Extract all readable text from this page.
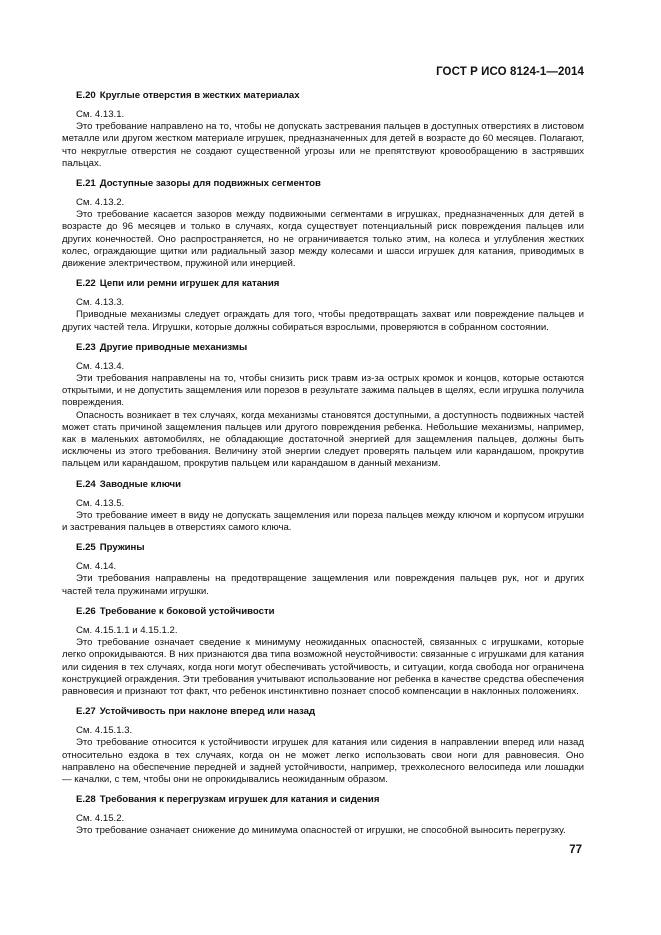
ГОСТ Р ИСО 8124-1—2014
E.20 Круглые отверстия в жестких материалах

См. 4.13.1.

Это требование направлено на то, чтобы не допускать застревания пальцев в доступных отверстиях в листовом металле или другом жестком материале игрушек, предназначенных для детей в возрасте до 60 месяцев. Полагают, что некруглые отверстия не создают существенной угрозы или не препятствуют кровообращению в застрявших пальцах.

E.21 Доступные зазоры для подвижных сегментов

См. 4.13.2.

Это требование касается зазоров между подвижными сегментами в игрушках, предназначенных для детей в возрасте до 96 месяцев и только в случаях, когда существует потенциальный риск повреждения пальцев или других конечностей. Оно распространяется, но не ограничивается только этим, на колеса и углубления жестких колес, ограждающие щитки или радиальный зазор между колесами и шасси игрушек для катания, приводимых в движение электричеством, пружиной или инерцией.

E.22 Цепи или ремни игрушек для катания

См. 4.13.3.

Приводные механизмы следует ограждать для того, чтобы предотвращать захват или повреждение пальцев и других частей тела. Игрушки, которые должны собираться взрослыми, проверяются в собранном состоянии.

E.23 Другие приводные механизмы

См. 4.13.4.

Эти требования направлены на то, чтобы снизить риск травм из-за острых кромок и концов, которые остаются открытыми, и не допустить защемления или порезов в результате зажима пальцев в щелях, если игрушка получила повреждения.

Опасность возникает в тех случаях, когда механизмы становятся доступными, а доступность подвижных частей может стать причиной защемления пальцев или другого повреждения ребенка. Небольшие механизмы, например, как в маленьких автомобилях, не обладающие достаточной энергией для защемления пальцев, должны быть исключены из этого требования. Величину этой энергии следует проверять пальцем или карандашом, прокрутив пальцем или карандашом, прокрутив пальцем или карандашом в данный механизм.

E.24 Заводные ключи

См. 4.13.5.

Это требование имеет в виду не допускать защемления или пореза пальцев между ключом и корпусом игрушки и застревания пальцев в отверстиях самого ключа.

E.25 Пружины

См. 4.14.

Эти требования направлены на предотвращение защемления или повреждения пальцев рук, ног и других частей тела пружинами игрушки.

E.26 Требование к боковой устойчивости

См. 4.15.1.1 и 4.15.1.2.

Это требование означает сведение к минимуму неожиданных опасностей, связанных с игрушками, которые легко опрокидываются. В них признаются два типа возможной неустойчивости: связанные с игрушками для катания или сидения в тех случаях, когда ноги могут обеспечивать устойчивость, и ситуации, когда свобода ног ограничена конструкцией ограждения. Эти требования учитывают использование ног ребенка в качестве средства обеспечения равновесия и признают тот факт, что ребенок инстинктивно познает способ компенсации в наклонных положениях.

E.27 Устойчивость при наклоне вперед или назад

См. 4.15.1.3.

Это требование относится к устойчивости игрушек для катания или сидения в направлении вперед или назад относительно ездока в тех случаях, когда он не может легко использовать свои ноги для равновесия. Оно направлено на обеспечение передней и задней устойчивости, например, трехколесного велосипеда или лошадки — качалки, с тем, чтобы они не опрокидывались неожиданным образом.

E.28 Требования к перегрузкам игрушек для катания и сидения

См. 4.15.2.

Это требование означает снижение до минимума опасностей от игрушки, не способной выносить перегрузку.

77
